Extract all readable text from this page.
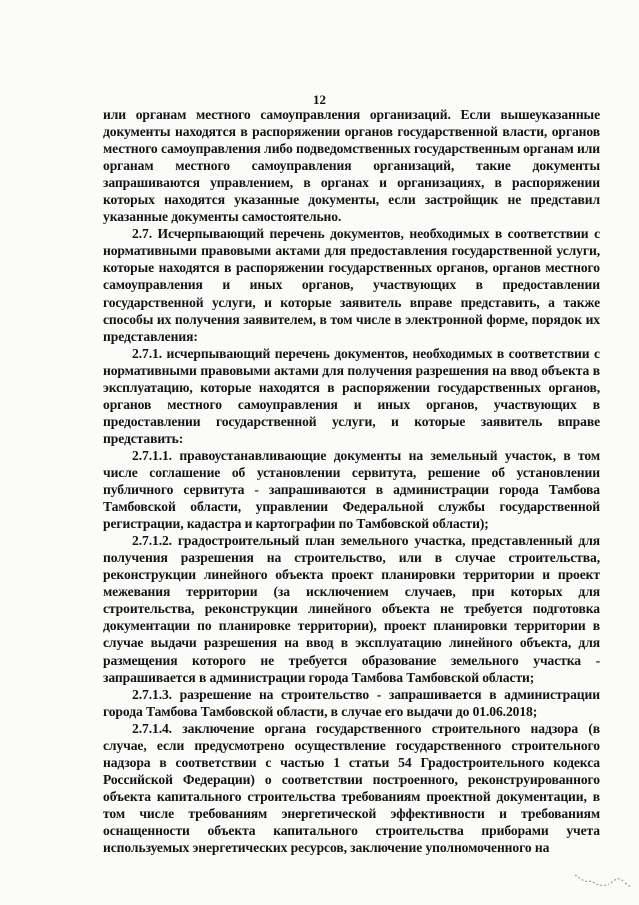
12

или органам местного самоуправления организаций. Если вышеуказанные документы находятся в распоряжении органов государственной власти, органов местного самоуправления либо подведомственных государственным органам или органам местного самоуправления организаций, такие документы запрашиваются управлением, в органах и организациях, в распоряжении которых находятся указанные документы, если застройщик не представил указанные документы самостоятельно.

2.7. Исчерпывающий перечень документов, необходимых в соответствии с нормативными правовыми актами для предоставления государственной услуги, которые находятся в распоряжении государственных органов, органов местного самоуправления и иных органов, участвующих в предоставлении государственной услуги, и которые заявитель вправе представить, а также способы их получения заявителем, в том числе в электронной форме, порядок их представления:

2.7.1. исчерпывающий перечень документов, необходимых в соответствии с нормативными правовыми актами для получения разрешения на ввод объекта в эксплуатацию, которые находятся в распоряжении государственных органов, органов местного самоуправления и иных органов, участвующих в предоставлении государственной услуги, и которые заявитель вправе представить:

2.7.1.1. правоустанавливающие документы на земельный участок, в том числе соглашение об установлении сервитута, решение об установлении публичного сервитута - запрашиваются в администрации города Тамбова Тамбовской области, управлении Федеральной службы государственной регистрации, кадастра и картографии по Тамбовской области);

2.7.1.2. градостроительный план земельного участка, представленный для получения разрешения на строительство, или в случае строительства, реконструкции линейного объекта проект планировки территории и проект межевания территории (за исключением случаев, при которых для строительства, реконструкции линейного объекта не требуется подготовка документации по планировке территории), проект планировки территории в случае выдачи разрешения на ввод в эксплуатацию линейного объекта, для размещения которого не требуется образование земельного участка - запрашивается в администрации города Тамбова Тамбовской области;

2.7.1.3. разрешение на строительство - запрашивается в администрации города Тамбова Тамбовской области, в случае его выдачи до 01.06.2018;

2.7.1.4. заключение органа государственного строительного надзора (в случае, если предусмотрено осуществление государственного строительного надзора в соответствии с частью 1 статьи 54 Градостроительного кодекса Российской Федерации) о соответствии построенного, реконструированного объекта капитального строительства требованиям проектной документации, в том числе требованиям энергетической эффективности и требованиям оснащенности объекта капитального строительства приборами учета используемых энергетических ресурсов, заключение уполномоченного на
